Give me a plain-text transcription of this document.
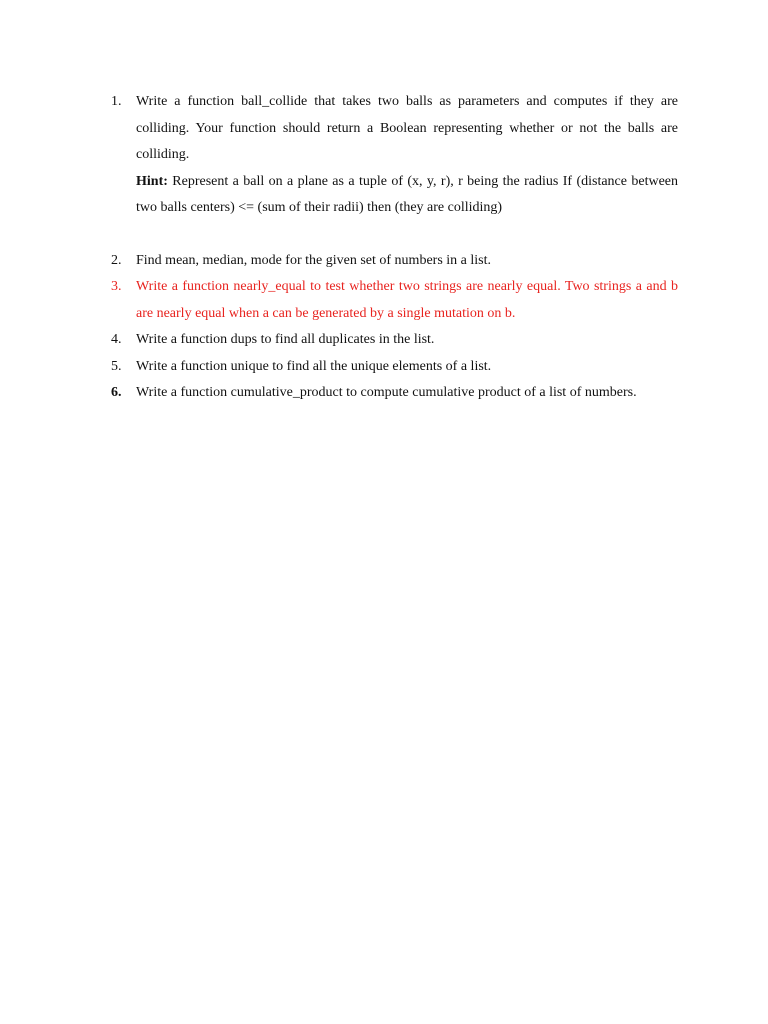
1. Write a function ball_collide that takes two balls as parameters and computes if they are colliding. Your function should return a Boolean representing whether or not the balls are colliding.
Hint: Represent a ball on a plane as a tuple of (x, y, r), r being the radius If (distance between two balls centers) <= (sum of their radii) then (they are colliding)
2. Find mean, median, mode for the given set of numbers in a list.
3. Write a function nearly_equal to test whether two strings are nearly equal. Two strings a and b are nearly equal when a can be generated by a single mutation on b.
4. Write a function dups to find all duplicates in the list.
5. Write a function unique to find all the unique elements of a list.
6. Write a function cumulative_product to compute cumulative product of a list of numbers.
